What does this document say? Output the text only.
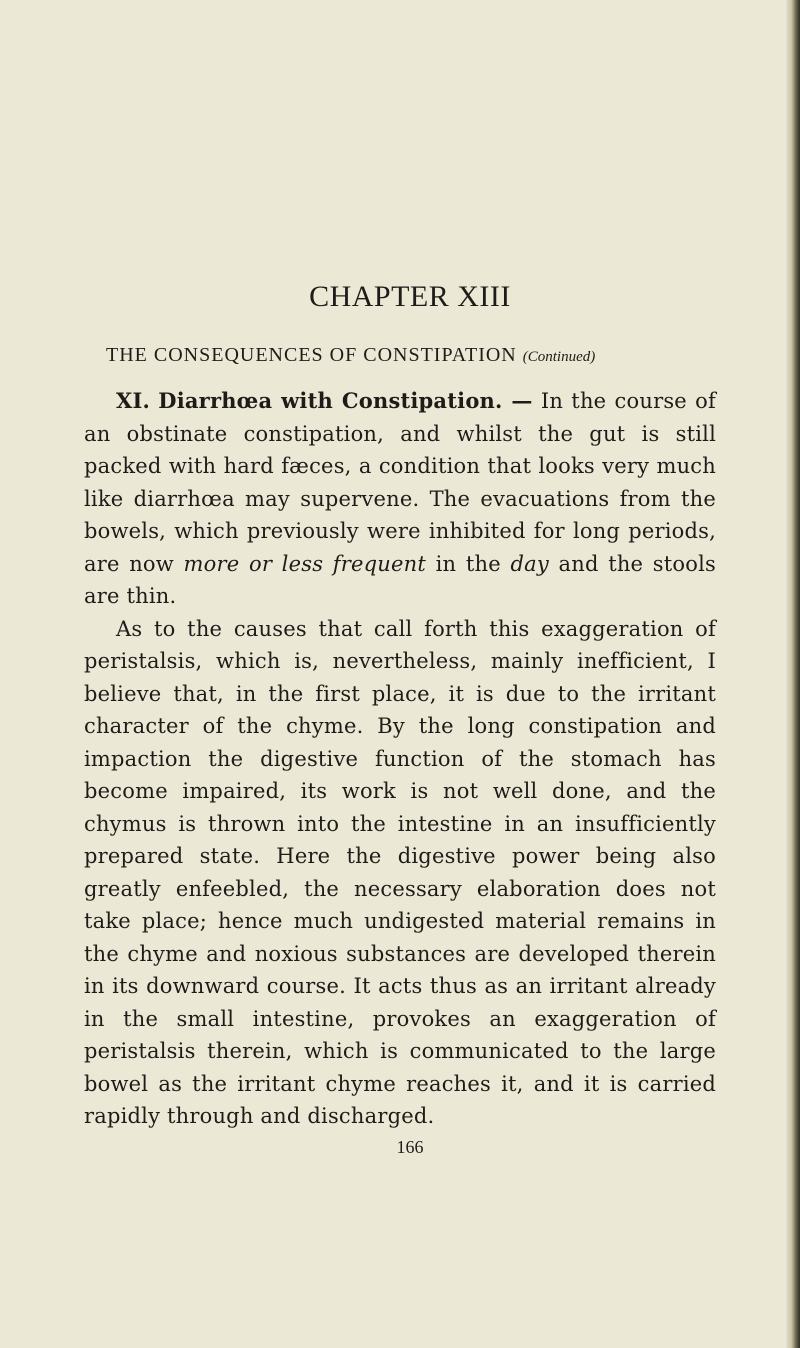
CHAPTER XIII
THE CONSEQUENCES OF CONSTIPATION (Continued)

XI. Diarrhœa with Constipation. — In the course of an obstinate constipation, and whilst the gut is still packed with hard fæces, a condition that looks very much like diarrhœa may supervene. The evacuations from the bowels, which previously were inhibited for long periods, are now more or less frequent in the day and the stools are thin.

As to the causes that call forth this exaggeration of peristalsis, which is, nevertheless, mainly inefficient, I believe that, in the first place, it is due to the irritant character of the chyme. By the long constipation and impaction the digestive function of the stomach has become impaired, its work is not well done, and the chymus is thrown into the intestine in an insufficiently prepared state. Here the digestive power being also greatly enfeebled, the necessary elaboration does not take place; hence much undigested material remains in the chyme and noxious substances are developed therein in its downward course. It acts thus as an irritant already in the small intestine, provokes an exaggeration of peristalsis therein, which is communicated to the large bowel as the irritant chyme reaches it, and it is carried rapidly through and discharged.

166
